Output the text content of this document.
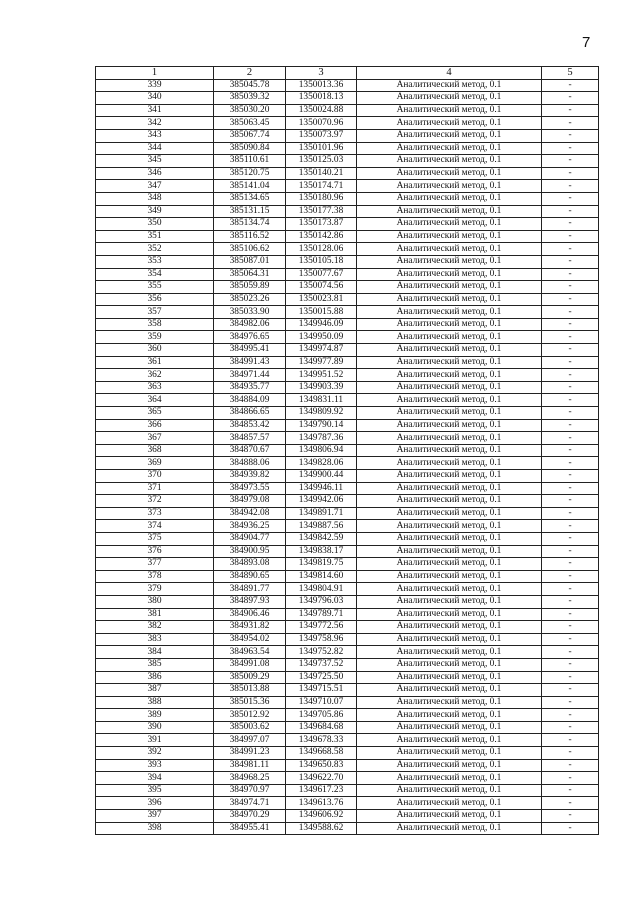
7
1	2	3	4	5
339	385045.78	1350013.36	Аналитический метод, 0.1	-
340	385039.32	1350018.13	Аналитический метод, 0.1	-
341	385030.20	1350024.88	Аналитический метод, 0.1	-
342	385063.45	1350070.96	Аналитический метод, 0.1	-
343	385067.74	1350073.97	Аналитический метод, 0.1	-
344	385090.84	1350101.96	Аналитический метод, 0.1	-
345	385110.61	1350125.03	Аналитический метод, 0.1	-
346	385120.75	1350140.21	Аналитический метод, 0.1	-
347	385141.04	1350174.71	Аналитический метод, 0.1	-
348	385134.65	1350180.96	Аналитический метод, 0.1	-
349	385131.15	1350177.38	Аналитический метод, 0.1	-
350	385134.74	1350173.87	Аналитический метод, 0.1	-
351	385116.52	1350142.86	Аналитический метод, 0.1	-
352	385106.62	1350128.06	Аналитический метод, 0.1	-
353	385087.01	1350105.18	Аналитический метод, 0.1	-
354	385064.31	1350077.67	Аналитический метод, 0.1	-
355	385059.89	1350074.56	Аналитический метод, 0.1	-
356	385023.26	1350023.81	Аналитический метод, 0.1	-
357	385033.90	1350015.88	Аналитический метод, 0.1	-
358	384982.06	1349946.09	Аналитический метод, 0.1	-
359	384976.65	1349950.09	Аналитический метод, 0.1	-
360	384995.41	1349974.87	Аналитический метод, 0.1	-
361	384991.43	1349977.89	Аналитический метод, 0.1	-
362	384971.44	1349951.52	Аналитический метод, 0.1	-
363	384935.77	1349903.39	Аналитический метод, 0.1	-
364	384884.09	1349831.11	Аналитический метод, 0.1	-
365	384866.65	1349809.92	Аналитический метод, 0.1	-
366	384853.42	1349790.14	Аналитический метод, 0.1	-
367	384857.57	1349787.36	Аналитический метод, 0.1	-
368	384870.67	1349806.94	Аналитический метод, 0.1	-
369	384888.06	1349828.06	Аналитический метод, 0.1	-
370	384939.82	1349900.44	Аналитический метод, 0.1	-
371	384973.55	1349946.11	Аналитический метод, 0.1	-
372	384979.08	1349942.06	Аналитический метод, 0.1	-
373	384942.08	1349891.71	Аналитический метод, 0.1	-
374	384936.25	1349887.56	Аналитический метод, 0.1	-
375	384904.77	1349842.59	Аналитический метод, 0.1	-
376	384900.95	1349838.17	Аналитический метод, 0.1	-
377	384893.08	1349819.75	Аналитический метод, 0.1	-
378	384890.65	1349814.60	Аналитический метод, 0.1	-
379	384891.77	1349804.91	Аналитический метод, 0.1	-
380	384897.93	1349796.03	Аналитический метод, 0.1	-
381	384906.46	1349789.71	Аналитический метод, 0.1	-
382	384931.82	1349772.56	Аналитический метод, 0.1	-
383	384954.02	1349758.96	Аналитический метод, 0.1	-
384	384963.54	1349752.82	Аналитический метод, 0.1	-
385	384991.08	1349737.52	Аналитический метод, 0.1	-
386	385009.29	1349725.50	Аналитический метод, 0.1	-
387	385013.88	1349715.51	Аналитический метод, 0.1	-
388	385015.36	1349710.07	Аналитический метод, 0.1	-
389	385012.92	1349705.86	Аналитический метод, 0.1	-
390	385003.62	1349684.68	Аналитический метод, 0.1	-
391	384997.07	1349678.33	Аналитический метод, 0.1	-
392	384991.23	1349668.58	Аналитический метод, 0.1	-
393	384981.11	1349650.83	Аналитический метод, 0.1	-
394	384968.25	1349622.70	Аналитический метод, 0.1	-
395	384970.97	1349617.23	Аналитический метод, 0.1	-
396	384974.71	1349613.76	Аналитический метод, 0.1	-
397	384970.29	1349606.92	Аналитический метод, 0.1	-
398	384955.41	1349588.62	Аналитический метод, 0.1	-
